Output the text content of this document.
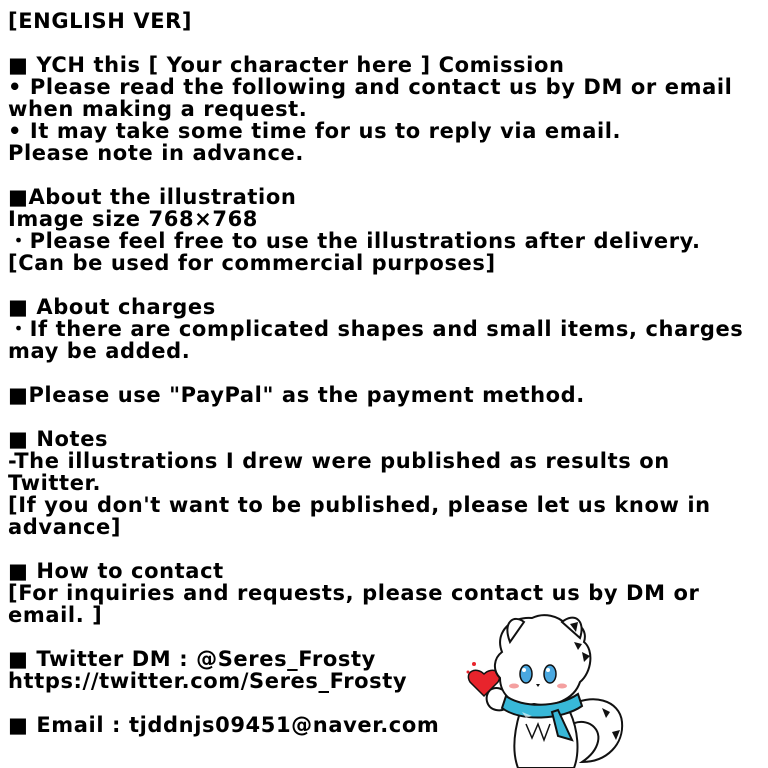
[ENGLISH VER]
■ YCH this [ Your character here ] Comission
• Please read the following and contact us by DM or email
when making a request.
• It may take some time for us to reply via email.
Please note in advance.
■About the illustration
Image size 768×768
・Please feel free to use the illustrations after delivery.
[Can be used for commercial purposes]
■ About charges
・If there are complicated shapes and small items, charges
may be added.
■Please use "PayPal" as the payment method.
■ Notes
-The illustrations I drew were published as results on
Twitter.
[If you don't want to be published, please let us know in
advance]
■ How to contact
[For inquiries and requests, please contact us by DM or
email. ]
■ Twitter DM : @Seres_Frosty
https://twitter.com/Seres_Frosty
■ Email : tjddnjs09451@naver.com
